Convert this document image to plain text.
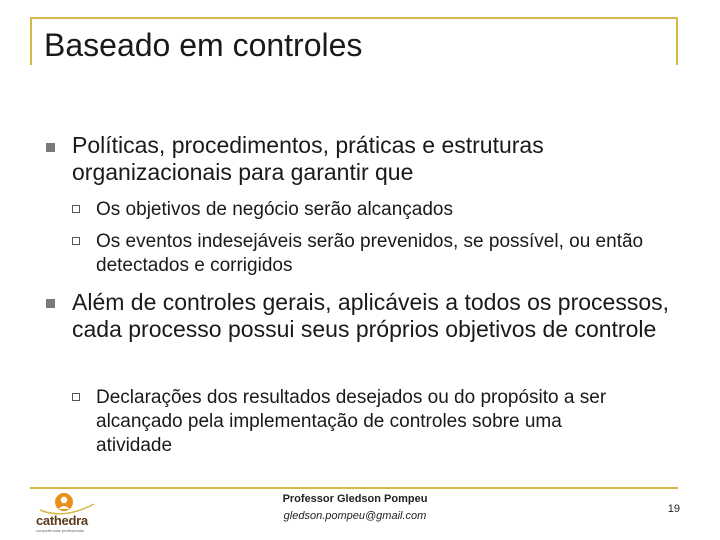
Baseado em controles
Políticas, procedimentos, práticas e estruturas organizacionais para garantir que
Os objetivos de negócio serão alcançados
Os eventos indesejáveis serão prevenidos, se possível, ou então detectados e corrigidos
Além de controles gerais, aplicáveis a todos os processos, cada processo possui seus próprios objetivos de controle
Declarações dos resultados desejados ou do propósito a ser alcançado pela implementação de controles sobre uma atividade
cathedra
competências profissionais
Professor Gledson Pompeu
gledson.pompeu@gmail.com
19
